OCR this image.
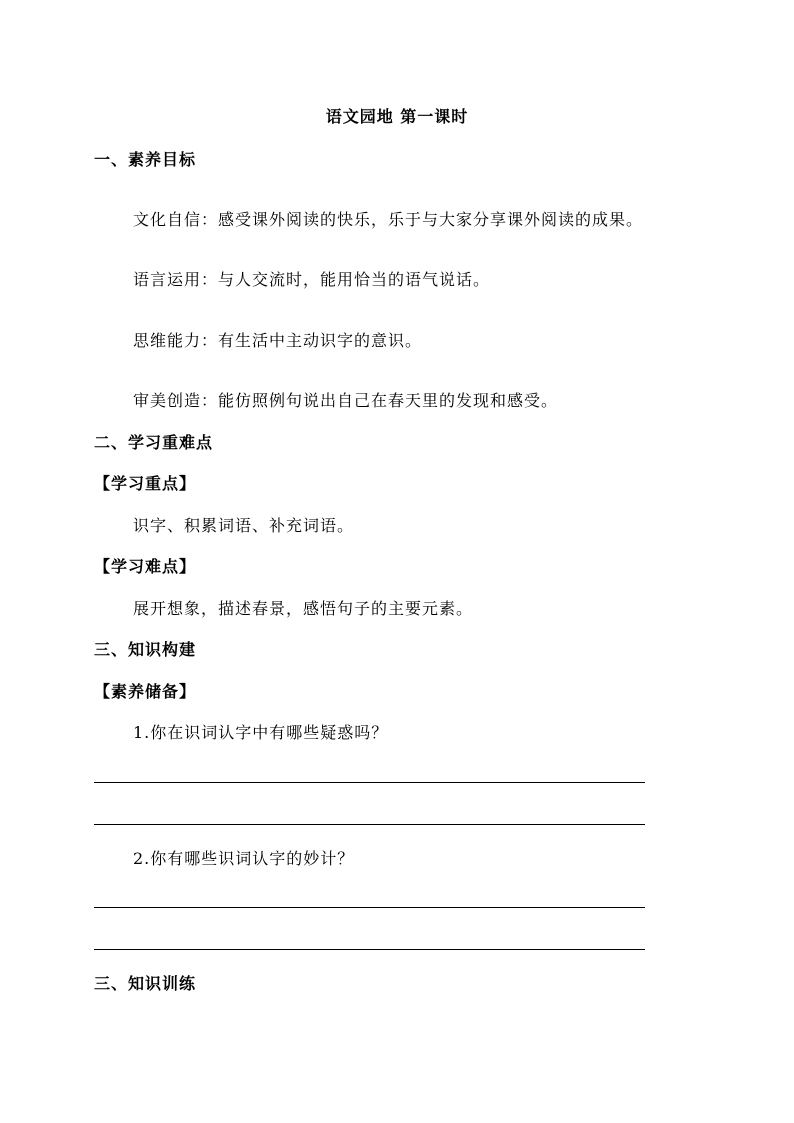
语文园地 第一课时
一、素养目标
文化自信：感受课外阅读的快乐，乐于与大家分享课外阅读的成果。
语言运用：与人交流时，能用恰当的语气说话。
思维能力：有生活中主动识字的意识。
审美创造：能仿照例句说出自己在春天里的发现和感受。
二、学习重难点
【学习重点】
识字、积累词语、补充词语。
【学习难点】
展开想象，描述春景，感悟句子的主要元素。
三、知识构建
【素养储备】
1.你在识词认字中有哪些疑惑吗？
2.你有哪些识词认字的妙计？
三、知识训练
